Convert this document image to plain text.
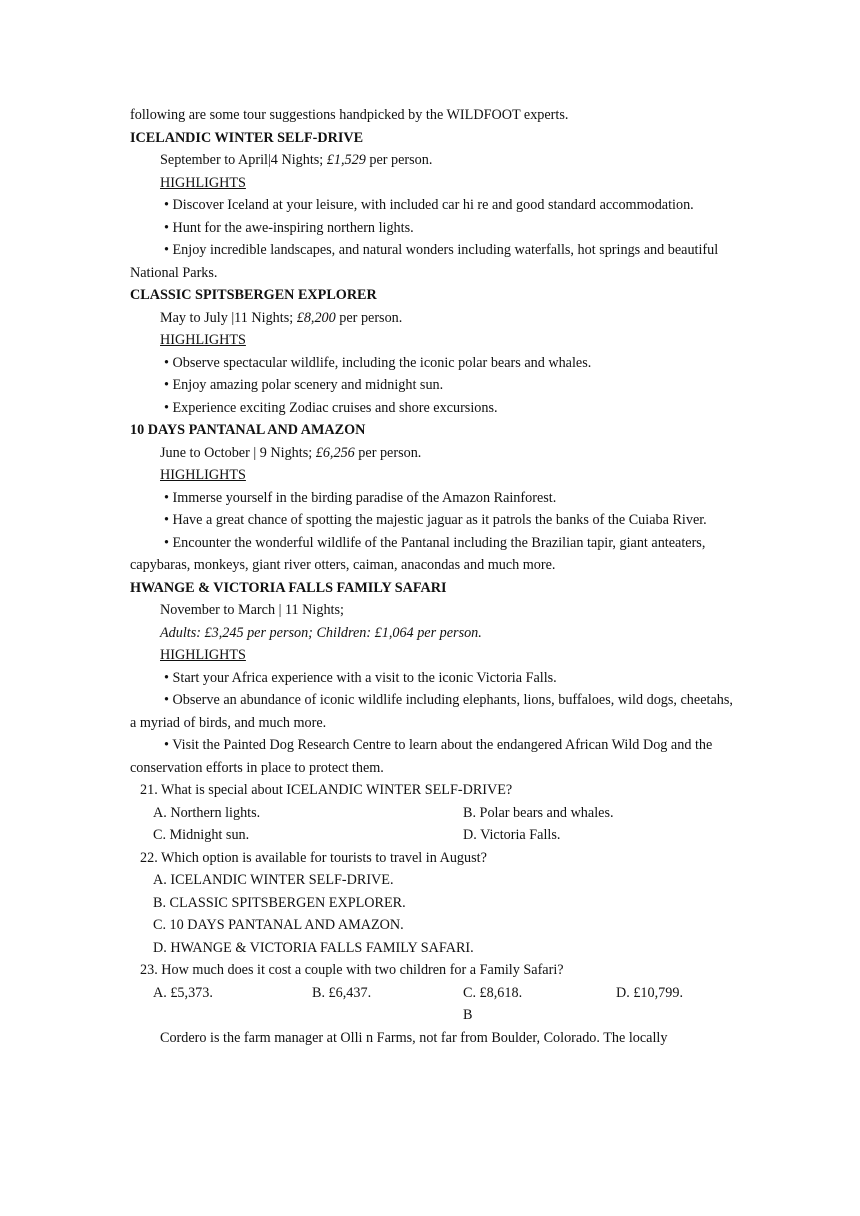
following are some tour suggestions handpicked by the WILDFOOT experts.
ICELANDIC WINTER SELF-DRIVE
September to April|4 Nights; £1,529 per person.
HIGHLIGHTS
• Discover Iceland at your leisure, with included car hi re and good standard accommodation.
• Hunt for the awe-inspiring northern lights.
• Enjoy incredible landscapes, and natural wonders including waterfalls, hot springs and beautiful National Parks.
CLASSIC SPITSBERGEN EXPLORER
May to July |11 Nights; £8,200 per person.
HIGHLIGHTS
• Observe spectacular wildlife, including the iconic polar bears and whales.
• Enjoy amazing polar scenery and midnight sun.
• Experience exciting Zodiac cruises and shore excursions.
10 DAYS PANTANAL AND AMAZON
June to October | 9 Nights; £6,256 per person.
HIGHLIGHTS
• Immerse yourself in the birding paradise of the Amazon Rainforest.
• Have a great chance of spotting the majestic jaguar as it patrols the banks of the Cuiaba River.
• Encounter the wonderful wildlife of the Pantanal including the Brazilian tapir, giant anteaters, capybaras, monkeys, giant river otters, caiman, anacondas and much more.
HWANGE & VICTORIA FALLS FAMILY SAFARI
November to March | 11 Nights;
Adults: £3,245 per person; Children: £1,064 per person.
HIGHLIGHTS
• Start your Africa experience with a visit to the iconic Victoria Falls.
• Observe an abundance of iconic wildlife including elephants, lions, buffaloes, wild dogs, cheetahs, a myriad of birds, and much more.
• Visit the Painted Dog Research Centre to learn about the endangered African Wild Dog and the conservation efforts in place to protect them.
21. What is special about ICELANDIC WINTER SELF-DRIVE?
A. Northern lights.	B. Polar bears and whales.
C. Midnight sun.	D. Victoria Falls.
22. Which option is available for tourists to travel in August?
A. ICELANDIC WINTER SELF-DRIVE.
B. CLASSIC SPITSBERGEN EXPLORER.
C. 10 DAYS PANTANAL AND AMAZON.
D. HWANGE & VICTORIA FALLS FAMILY SAFARI.
23. How much does it cost a couple with two children for a Family Safari?
A. £5,373.	B. £6,437.	C. £8,618.	D. £10,799.
B
Cordero is the farm manager at Olli n Farms, not far from Boulder, Colorado. The locally
